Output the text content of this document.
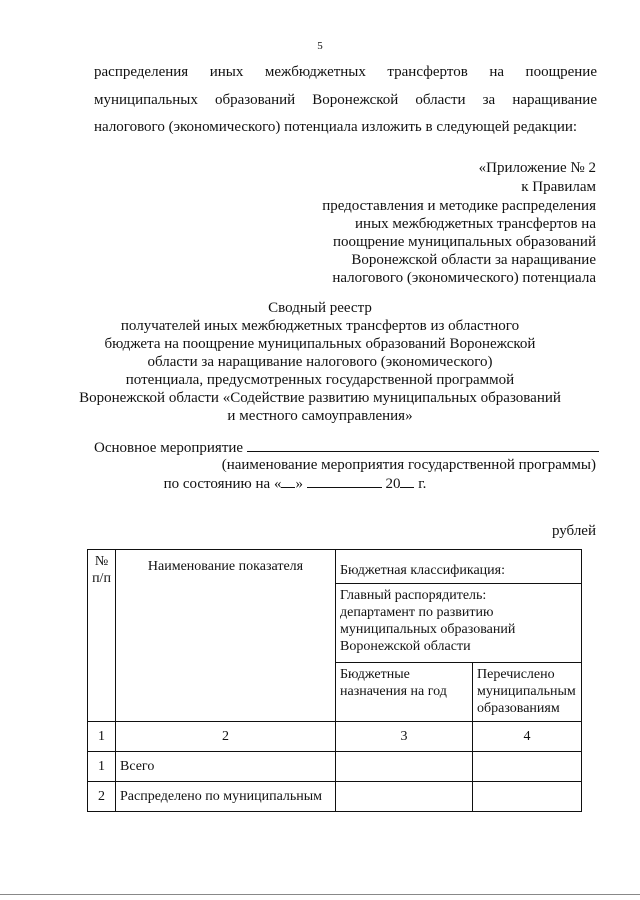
5
распределения иных межбюджетных трансфертов на поощрение
муниципальных образований Воронежской области за наращивание
налогового (экономического) потенциала изложить в следующей редакции:
«Приложение № 2
к Правилам
предоставления и методике распределения
иных межбюджетных трансфертов на
поощрение муниципальных образований
Воронежской области за наращивание
налогового (экономического) потенциала
Сводный реестр
получателей иных межбюджетных трансфертов из областного
бюджета на поощрение муниципальных образований Воронежской
области за наращивание налогового (экономического)
потенциала, предусмотренных государственной программой
Воронежской области «Содействие развитию муниципальных образований
и местного самоуправления»
Основное мероприятие
(наименование мероприятия государственной программы)
по состоянию на « »	20 г.
рублей
№ п/п	Наименование показателя	Бюджетная классификация:	

		Главный распорядитель: департамент по развитию муниципальных образований Воронежской области	

		Бюджетные назначения на год	Перечислено муниципальным образованиям
1	2	3	4
1	Всего		
2	Распределено по муниципальным		
